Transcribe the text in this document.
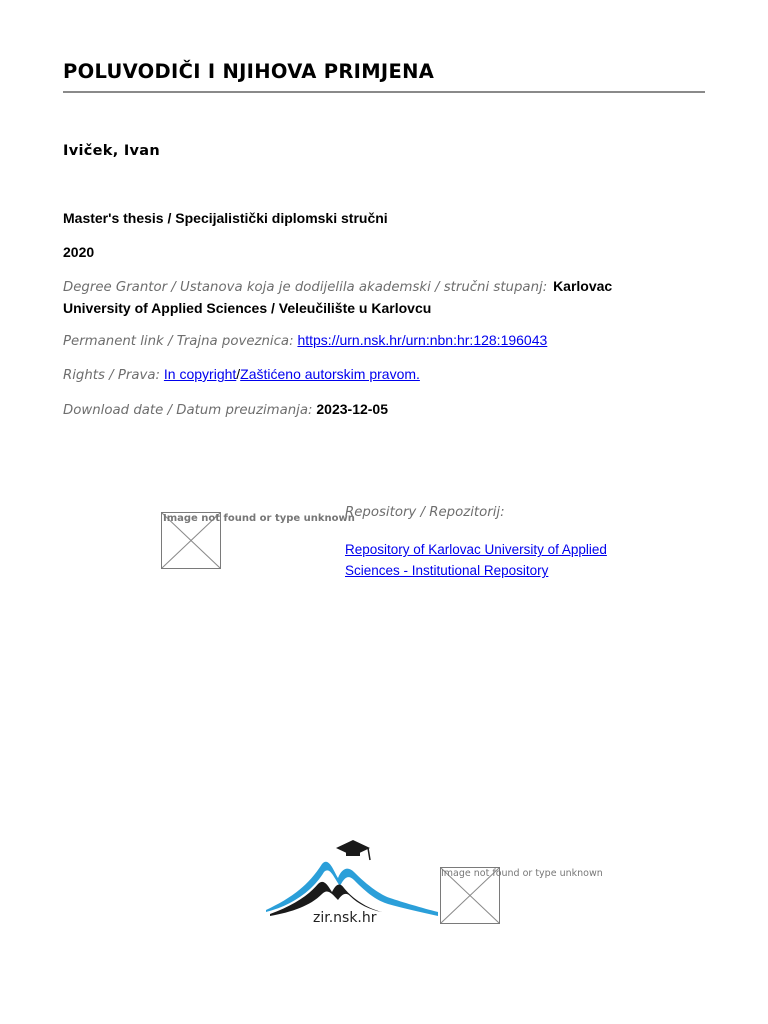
POLUVODIČI I NJIHOVA PRIMJENA
Iviček, Ivan
Master's thesis / Specijalistički diplomski stručni
2020
Degree Grantor / Ustanova koja je dodijelila akademski / stručni stupanj: Karlovac
University of Applied Sciences / Veleučilište u Karlovcu
Permanent link / Trajna poveznica: https://urn.nsk.hr/urn:nbn:hr:128:196043
Rights / Prava: In copyright/Zaštićeno autorskim pravom.
Download date / Datum preuzimanja: 2023-12-05
Image not found or type unknown
Repository / Repozitorij:
Repository of Karlovac University of Applied
Sciences - Institutional Repository
zir.nsk.hr
Image not found or type unknown
